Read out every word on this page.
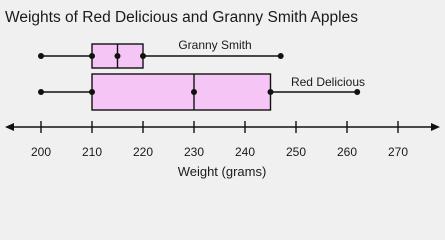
Weights of Red Delicious and Granny Smith Apples
200	210	220	230	240	250	260	270
Granny Smith
Red Delicious
Weight (grams)
